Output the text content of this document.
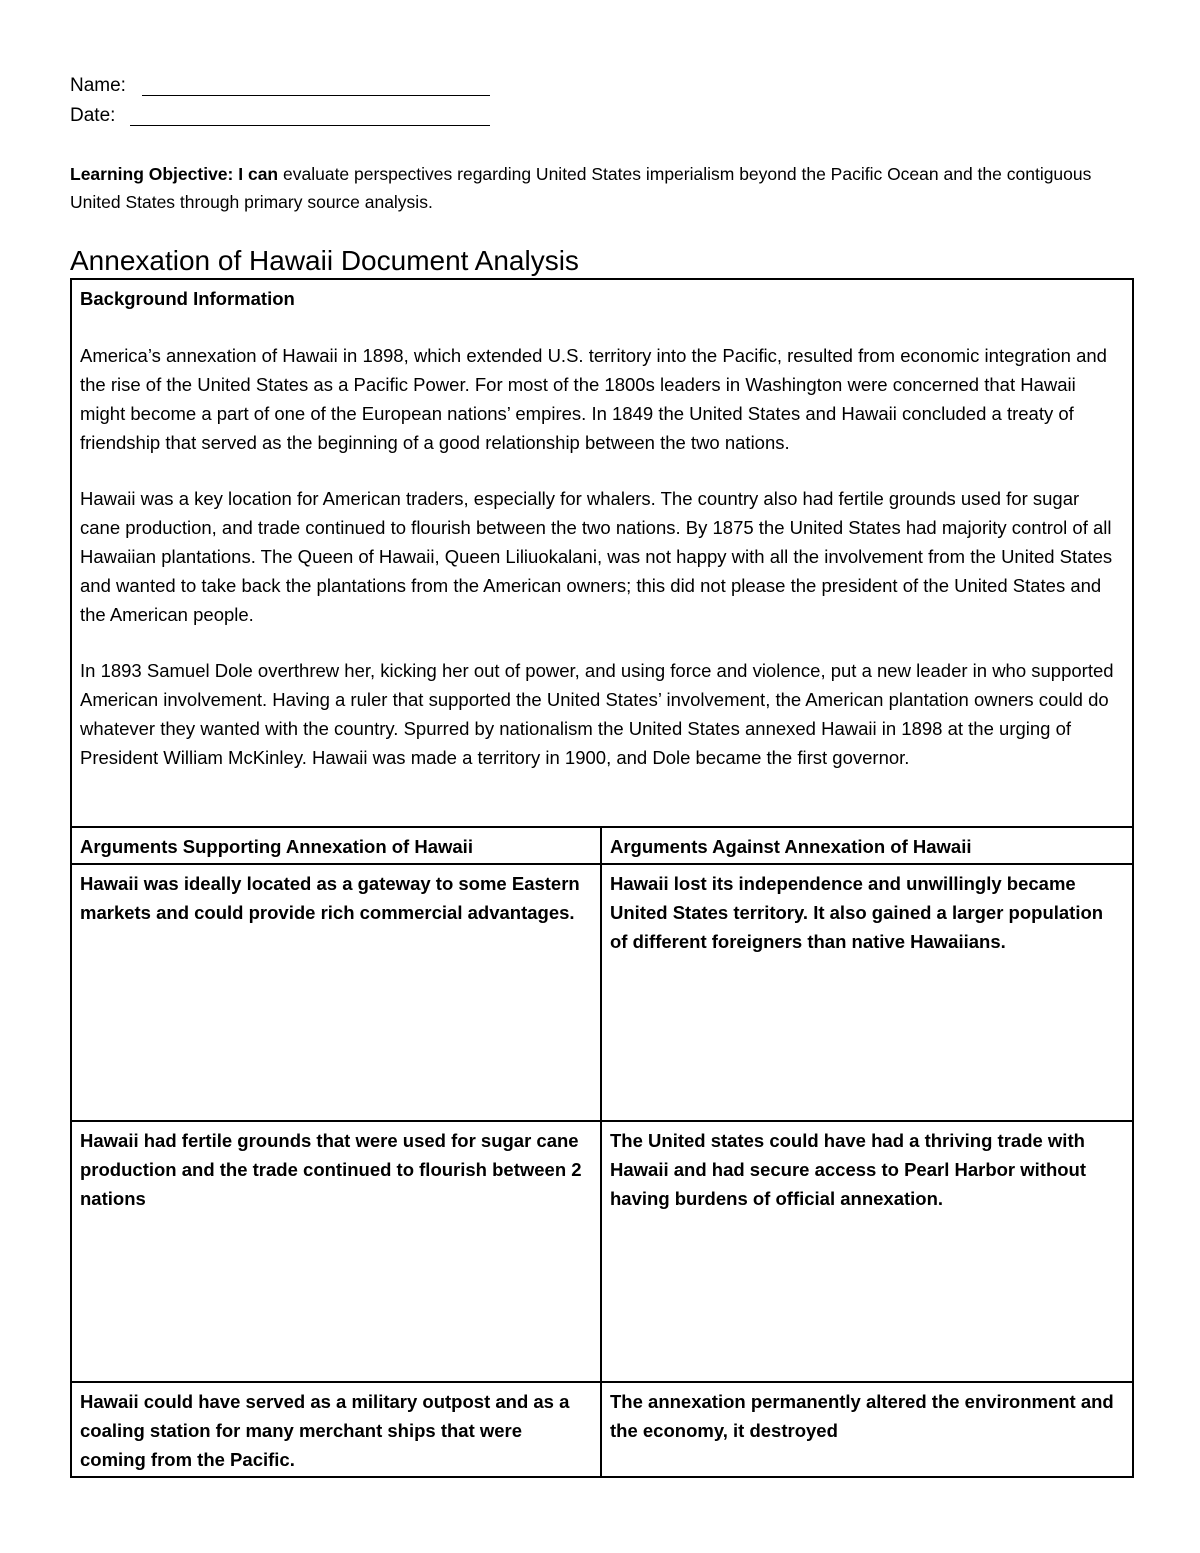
Name:
Date:
Learning Objective: I can evaluate perspectives regarding United States imperialism beyond the Pacific Ocean and the contiguous United States through primary source analysis.
Annexation of Hawaii Document Analysis
Background Information

America’s annexation of Hawaii in 1898, which extended U.S. territory into the Pacific, resulted from economic integration and the rise of the United States as a Pacific Power. For most of the 1800s leaders in Washington were concerned that Hawaii might become a part of one of the European nations’ empires. In 1849 the United States and Hawaii concluded a treaty of friendship that served as the beginning of a good relationship between the two nations.

Hawaii was a key location for American traders, especially for whalers. The country also had fertile grounds used for sugar cane production, and trade continued to flourish between the two nations. By 1875 the United States had majority control of all Hawaiian plantations. The Queen of Hawaii, Queen Liliuokalani, was not happy with all the involvement from the United States and wanted to take back the plantations from the American owners; this did not please the president of the United States and the American people.

In 1893 Samuel Dole overthrew her, kicking her out of power, and using force and violence, put a new leader in who supported American involvement. Having a ruler that supported the United States’ involvement, the American plantation owners could do whatever they wanted with the country. Spurred by nationalism the United States annexed Hawaii in 1898 at the urging of President William McKinley. Hawaii was made a territory in 1900, and Dole became the first governor.	

Arguments Supporting Annexation of Hawaii	Arguments Against Annexation of Hawaii
Hawaii was ideally located as a gateway to some Eastern markets and could provide rich commercial advantages.	Hawaii lost its independence and unwillingly became United States territory. It also gained a larger population of different foreigners than native Hawaiians.
Hawaii had fertile grounds that were used for sugar cane production and the trade continued to flourish between 2 nations	The United states could have had a thriving trade with Hawaii and had secure access to Pearl Harbor without having burdens of official annexation.
Hawaii could have served as a military outpost and as a coaling station for many merchant ships that were coming from the Pacific.	The annexation permanently altered the environment and the economy, it destroyed
